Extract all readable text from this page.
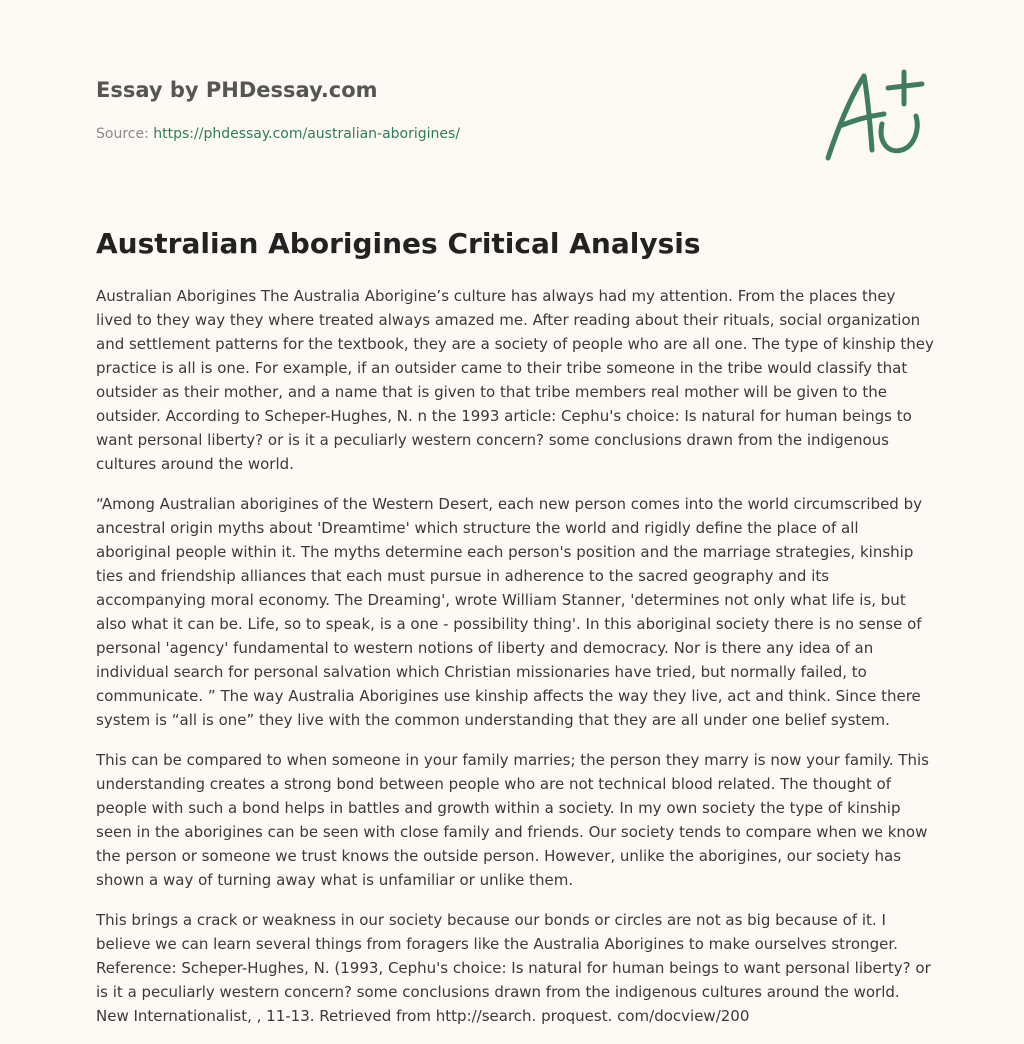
Essay by PHDessay.com

Source: https://phdessay.com/australian-aborigines/
Australian Aborigines Critical Analysis

Australian Aborigines The Australia Aborigine’s culture has always had my attention. From the places they lived to they way they where treated always amazed me. After reading about their rituals, social organization and settlement patterns for the textbook, they are a society of people who are all one. The type of kinship they practice is all is one. For example, if an outsider came to their tribe someone in the tribe would classify that outsider as their mother, and a name that is given to that tribe members real mother will be given to the outsider. According to Scheper-Hughes, N. n the 1993 article: Cephu's choice: Is natural for human beings to want personal liberty? or is it a peculiarly western concern? some conclusions drawn from the indigenous cultures around the world.

“Among Australian aborigines of the Western Desert, each new person comes into the world circumscribed by ancestral origin myths about 'Dreamtime' which structure the world and rigidly define the place of all aboriginal people within it. The myths determine each person's position and the marriage strategies, kinship ties and friendship alliances that each must pursue in adherence to the sacred geography and its accompanying moral economy. The Dreaming', wrote William Stanner, 'determines not only what life is, but also what it can be. Life, so to speak, is a one - possibility thing'. In this aboriginal society there is no sense of personal 'agency' fundamental to western notions of liberty and democracy. Nor is there any idea of an individual search for personal salvation which Christian missionaries have tried, but normally failed, to communicate. ” The way Australia Aborigines use kinship affects the way they live, act and think. Since there system is “all is one” they live with the common understanding that they are all under one belief system.

This can be compared to when someone in your family marries; the person they marry is now your family. This understanding creates a strong bond between people who are not technical blood related. The thought of people with such a bond helps in battles and growth within a society. In my own society the type of kinship seen in the aborigines can be seen with close family and friends. Our society tends to compare when we know the person or someone we trust knows the outside person. However, unlike the aborigines, our society has shown a way of turning away what is unfamiliar or unlike them.

This brings a crack or weakness in our society because our bonds or circles are not as big because of it. I believe we can learn several things from foragers like the Australia Aborigines to make ourselves stronger. Reference: Scheper-Hughes, N. (1993, Cephu's choice: Is natural for human beings to want personal liberty? or is it a peculiarly western concern? some conclusions drawn from the indigenous cultures around the world. New Internationalist, , 11-13. Retrieved from http://search. proquest. com/docview/200
